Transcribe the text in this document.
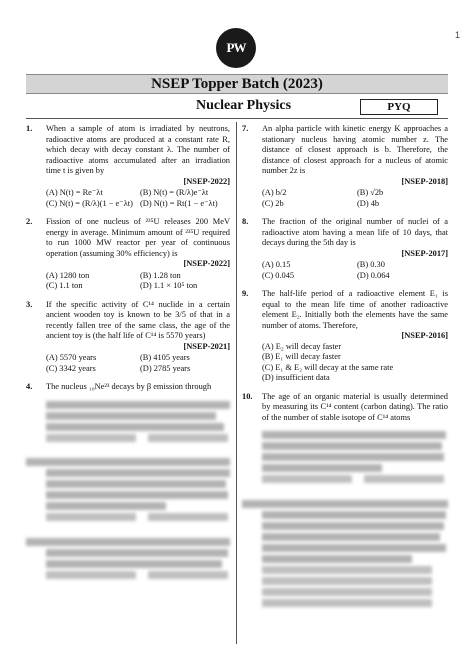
1
PW
NSEP Topper Batch (2023)
Nuclear Physics	PYQ
1.	When a sample of atom is irradiated by neutrons, radioactive atoms are produced at a constant rate R, which decay with decay constant λ. The number of radioactive atoms accumulated after an irradiation time t is given by
[NSEP-2022]
(A) N(t) = Re⁻λt	(B) N(t) = (R/λ)e⁻λt
(C) N(t) = (R/λ)(1 − e⁻λt) (D) N(t) = Rt(1 − e⁻λt)
2.	Fission of one nucleus of ²³⁵U releases 200 MeV energy in average. Minimum amount of ²³⁵U required to run 1000 MW reactor per year of continuous operation (assuming 30% efficiency) is
[NSEP-2022]
(A) 1280 ton	(B) 1.28 ton
(C) 1.1 ton	(D) 1.1 × 10⁵ ton
3.	If the specific activity of C¹⁴ nuclide in a certain ancient wooden toy is known to be 3/5 of that in a recently fallen tree of the same class, the age of the ancient toy is (the half life of C¹⁴ is 5570 years)
[NSEP-2021]
(A) 5570 years	(B) 4105 years
(C) 3342 years	(D) 2785 years
4.	The nucleus ₁₀Ne²³ decays by β emission through

7.	An alpha particle with kinetic energy K approaches a stationary nucleus having atomic number z. The distance of closest approach is b. Therefore, the distance of closest approach for a nucleus of atomic number 2z is
[NSEP-2018]
(A) b/2	(B) √2b
(C) 2b	(D) 4b
8.	The fraction of the original number of nuclei of a radioactive atom having a mean life of 10 days, that decays during the 5th day is
[NSEP-2017]
(A) 0.15	(B) 0.30
(C) 0.045	(D) 0.064
9.	The half-life period of a radioactive element E₁ is equal to the mean life time of another radioactive element E₂. Initially both the elements have the same number of atoms. Therefore,
[NSEP-2016]
(A) E₂ will decay faster
(B) E₁ will decay faster
(C) E₁ & E₂ will decay at the same rate
(D) insufficient data
10.	The age of an organic material is usually determined by measuring its C¹⁴ content (carbon dating). The ratio of the number of stable isotope of C¹⁴ atoms
